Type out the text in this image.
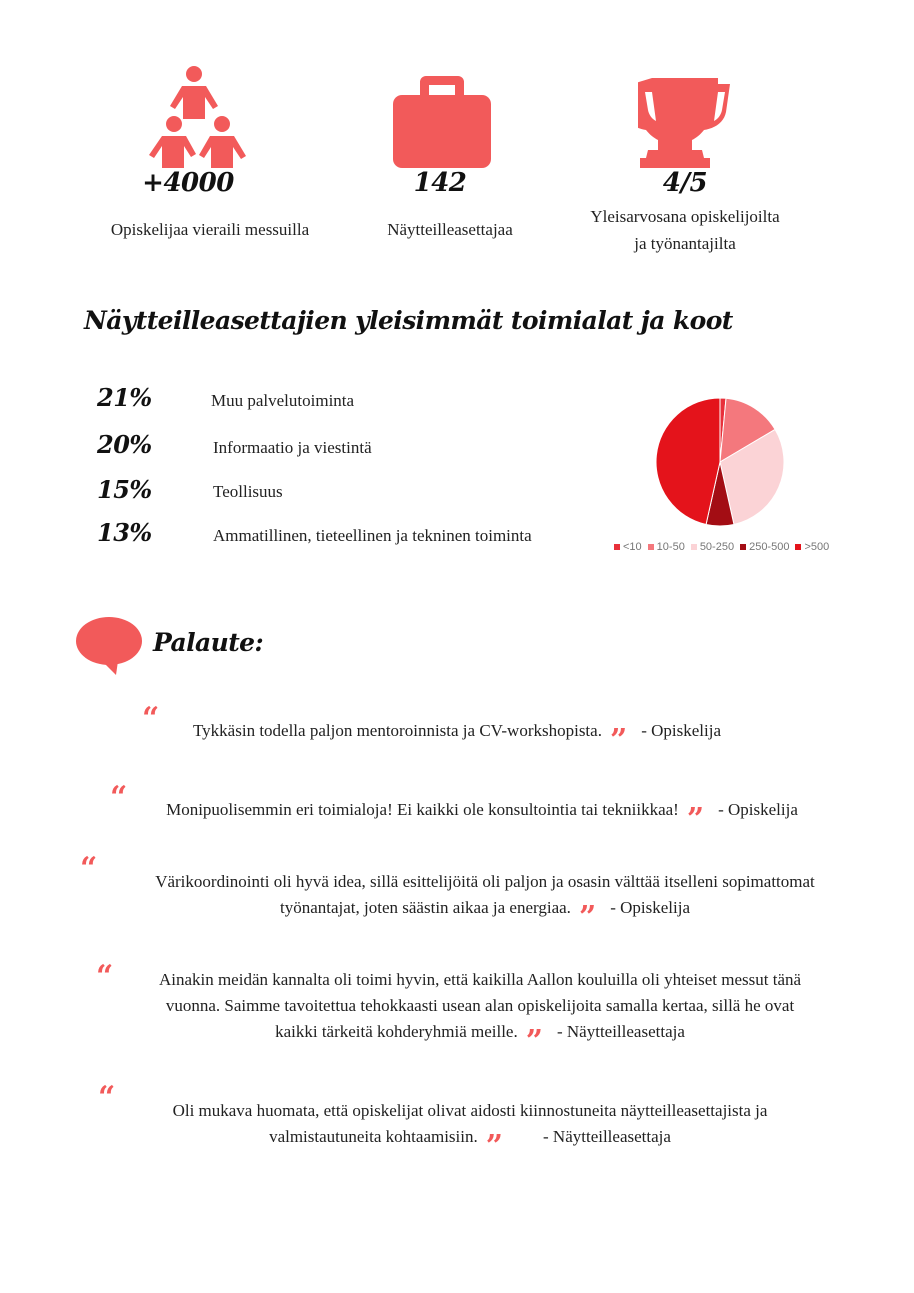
+4000
Opiskelijaa vieraili messuilla
142
Näytteilleasettajaa
4/5
Yleisarvosana opiskelijoilta
ja työnantajilta
Näytteilleasettajien yleisimmät toimialat ja koot
21%	Muu palvelutoiminta
20%	Informaatio ja viestintä
15%	Teollisuus
13%	Ammatillinen, tieteellinen ja tekninen toiminta
<10 10-50 50-250 250-500 >500
Palaute:
“	Tykkäsin todella paljon mentoroinnista ja CV-workshopista. ” - Opiskelija
“	Monipuolisemmin eri toimialoja! Ei kaikki ole konsultointia tai tekniikkaa! ” - Opiskelija
“	Värikoordinointi oli hyvä idea, sillä esittelijöitä oli paljon ja osasin välttää itselleni sopimattomat
työnantajat, joten säästin aikaa ja energiaa. ” - Opiskelija
“	Ainakin meidän kannalta oli toimi hyvin, että kaikilla Aallon kouluilla oli yhteiset messut tänä
vuonna. Saimme tavoitettua tehokkaasti usean alan opiskelijoita samalla kertaa, sillä he ovat
kaikki tärkeitä kohderyhmiä meille. ” - Näytteilleasettaja
“	Oli mukava huomata, että opiskelijat olivat aidosti kiinnostuneita näytteilleasettajista ja
valmistautuneita kohtaamisiin. ” - Näytteilleasettaja
